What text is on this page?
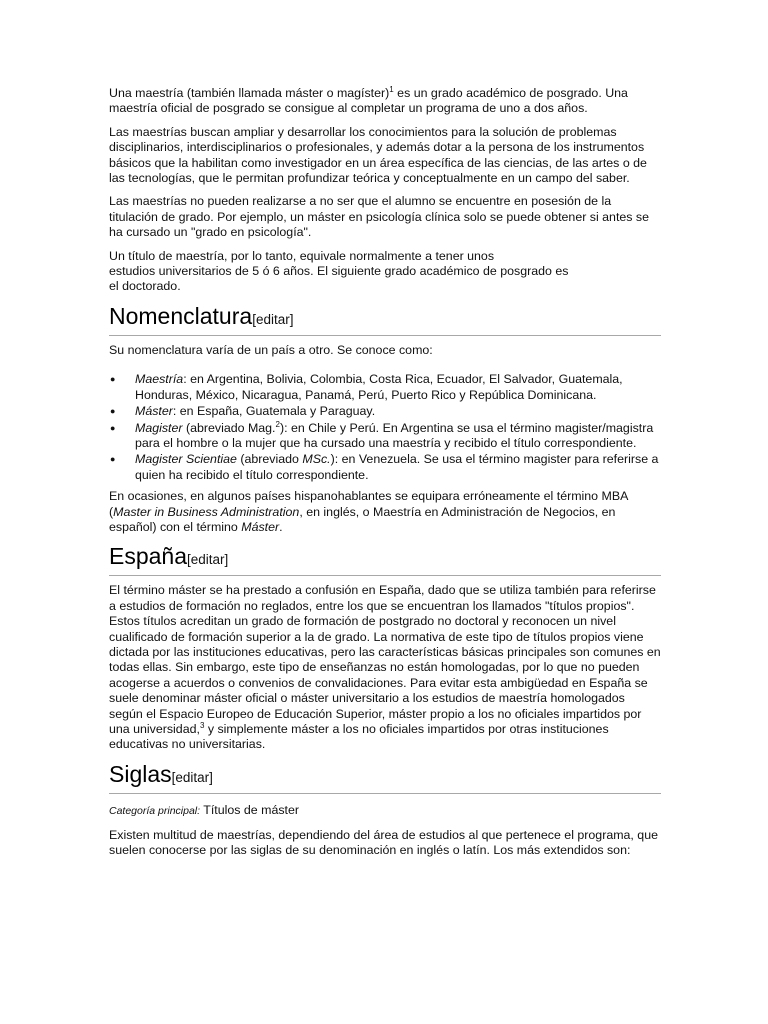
Una maestría (también llamada máster o magíster)$^1$ es un grado académico de posgrado. Una maestría oficial de posgrado se consigue al completar un programa de uno a dos años.

Las maestrías buscan ampliar y desarrollar los conocimientos para la solución de problemas disciplinarios, interdisciplinarios o profesionales, y además dotar a la persona de los instrumentos básicos que la habilitan como investigador en un área específica de las ciencias, de las artes o de las tecnologías, que le permitan profundizar teórica y conceptualmente en un campo del saber.

Las maestrías no pueden realizarse a no ser que el alumno se encuentre en posesión de la titulación de grado. Por ejemplo, un máster en psicología clínica solo se puede obtener si antes se ha cursado un "grado en psicología".

Un título de maestría, por lo tanto, equivale normalmente a tener unos
estudios universitarios de 5 ó 6 años. El siguiente grado académico de posgrado es
el doctorado.

Nomenclatura[editar]

Su nomenclatura varía de un país a otro. Se conoce como:

● Maestría: en Argentina, Bolivia, Colombia, Costa Rica, Ecuador, El Salvador, Guatemala, Honduras, México, Nicaragua, Panamá, Perú, Puerto Rico y República Dominicana.
● Máster: en España, Guatemala y Paraguay.
● Magister (abreviado Mag.$^2$): en Chile y Perú. En Argentina se usa el término magister/magistra para el hombre o la mujer que ha cursado una maestría y recibido el título correspondiente.
● Magister Scientiae (abreviado MSc.): en Venezuela. Se usa el término magister para referirse a quien ha recibido el título correspondiente.

En ocasiones, en algunos países hispanohablantes se equipara erróneamente el término MBA (Master in Business Administration, en inglés, o Maestría en Administración de Negocios, en español) con el término Máster.

España[editar]

El término máster se ha prestado a confusión en España, dado que se utiliza también para referirse a estudios de formación no reglados, entre los que se encuentran los llamados "títulos propios". Estos títulos acreditan un grado de formación de postgrado no doctoral y reconocen un nivel cualificado de formación superior a la de grado. La normativa de este tipo de títulos propios viene dictada por las instituciones educativas, pero las características básicas principales son comunes en todas ellas. Sin embargo, este tipo de enseñanzas no están homologadas, por lo que no pueden acogerse a acuerdos o convenios de convalidaciones. Para evitar esta ambigüedad en España se suele denominar máster oficial o máster universitario a los estudios de maestría homologados según el Espacio Europeo de Educación Superior, máster propio a los no oficiales impartidos por una universidad,$^3$ y simplemente máster a los no oficiales impartidos por otras instituciones educativas no universitarias.

Siglas[editar]
Categoría principal: Títulos de máster

Existen multitud de maestrías, dependiendo del área de estudios al que pertenece el programa, que suelen conocerse por las siglas de su denominación en inglés o latín. Los más extendidos son:
